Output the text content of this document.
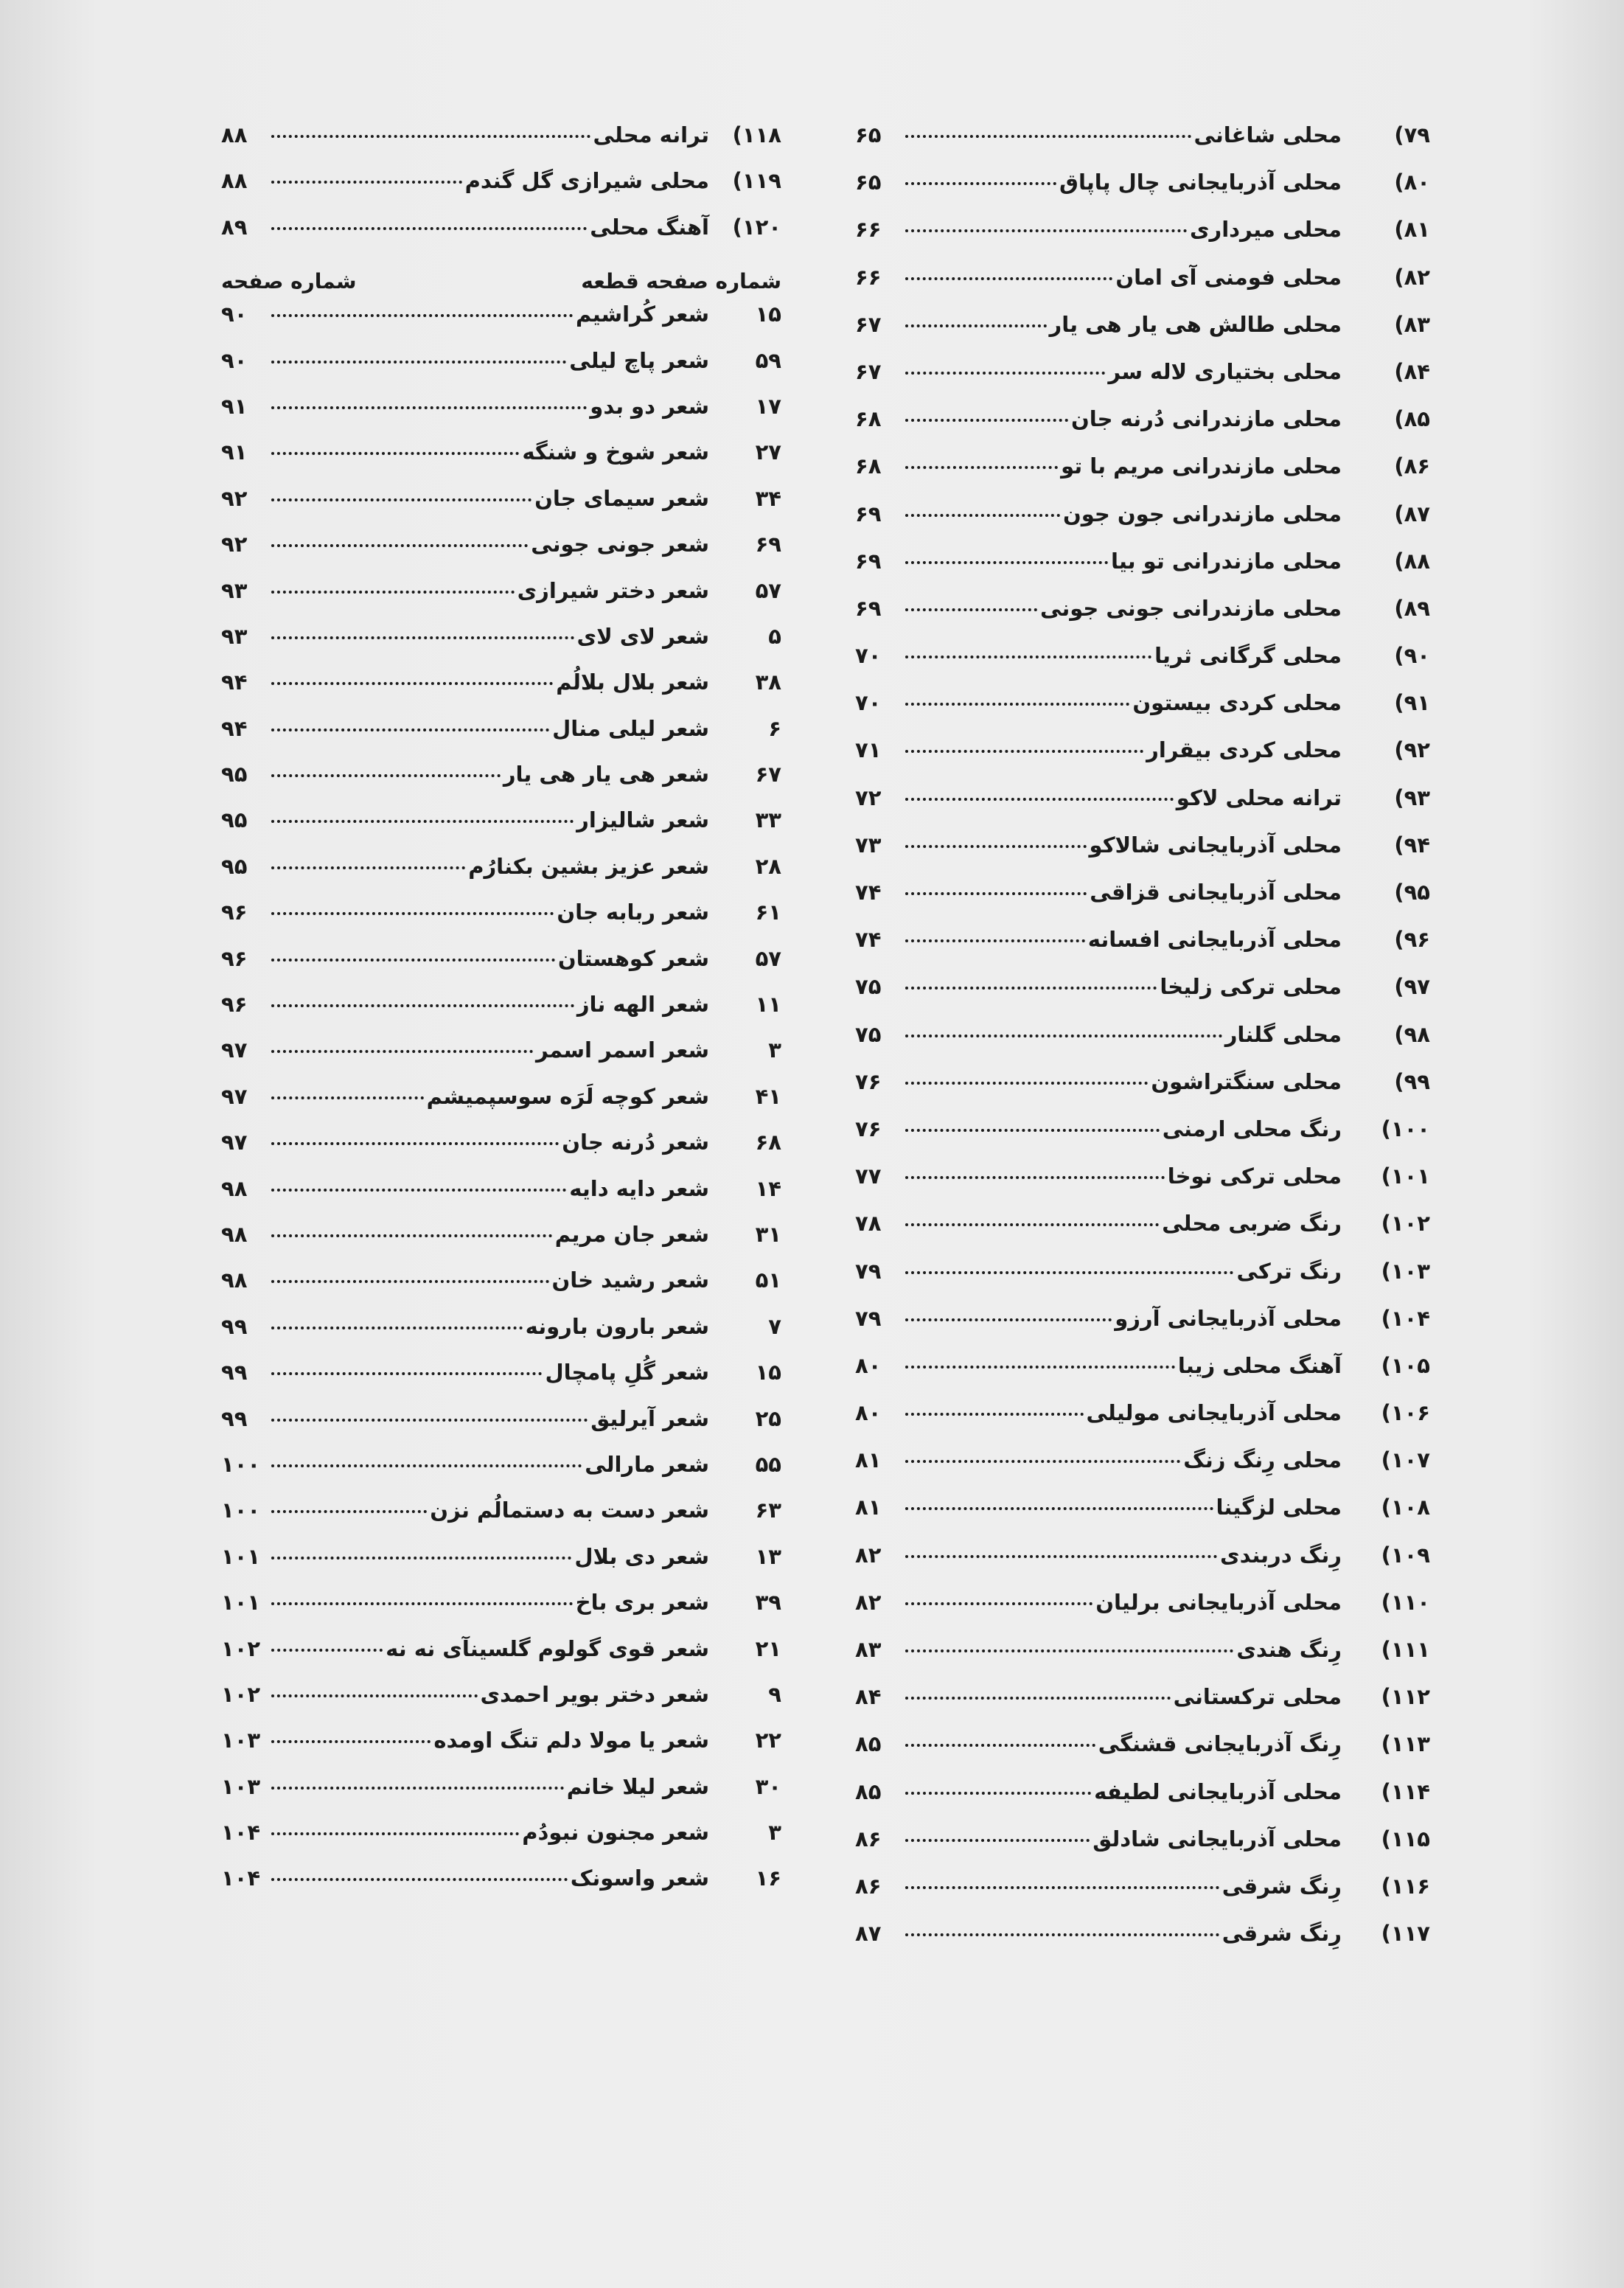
(۷۹
محلی شاغانی
۶۵
(۸۰
محلی آذربایجانی چال پاپاق
۶۵
(۸۱
محلی میرداری
۶۶
(۸۲
محلی فومنی آی امان
۶۶
(۸۳
محلی طالش هی یار هی یار
۶۷
(۸۴
محلی بختیاری لاله سر
۶۷
(۸۵
محلی مازندرانی دُرنه جان
۶۸
(۸۶
محلی مازندرانی مریم با تو
۶۸
(۸۷
محلی مازندرانی جون جون
۶۹
(۸۸
محلی مازندرانی تو بیا
۶۹
(۸۹
محلی مازندرانی جونی جونی
۶۹
(۹۰
محلی گرگانی ثریا
۷۰
(۹۱
محلی کردی بیستون
۷۰
(۹۲
محلی کردی بیقرار
۷۱
(۹۳
ترانه محلی لاکو
۷۲
(۹۴
محلی آذربایجانی شالاکو
۷۳
(۹۵
محلی آذربایجانی قزاقی
۷۴
(۹۶
محلی آذربایجانی افسانه
۷۴
(۹۷
محلی ترکی زلیخا
۷۵
(۹۸
محلی گلنار
۷۵
(۹۹
محلی سنگتراشون
۷۶
(۱۰۰
رنگ محلی ارمنی
۷۶
(۱۰۱
محلی ترکی نوخا
۷۷
(۱۰۲
رنگ ضربی محلی
۷۸
(۱۰۳
رنگ ترکی
۷۹
(۱۰۴
محلی آذربایجانی آرزو
۷۹
(۱۰۵
آهنگ محلی زیبا
۸۰
(۱۰۶
محلی آذربایجانی مولیلی
۸۰
(۱۰۷
محلی رِنگ زنگ
۸۱
(۱۰۸
محلی لزگینا
۸۱
(۱۰۹
رِنگ دربندی
۸۲
(۱۱۰
محلی آذربایجانی برلیان
۸۲
(۱۱۱
رِنگ هندی
۸۳
(۱۱۲
محلی ترکستانی
۸۴
(۱۱۳
رِنگ آذربایجانی قشنگی
۸۵
(۱۱۴
محلی آذربایجانی لطیفه
۸۵
(۱۱۵
محلی آذربایجانی شادلق
۸۶
(۱۱۶
رِنگ شرقی
۸۶
(۱۱۷
رِنگ شرقی
۸۷
(۱۱۸
ترانه محلی
۸۸
(۱۱۹
محلی شیرازی گل گندم
۸۸
(۱۲۰
آهنگ محلی
۸۹
شماره صفحه قطعه
شماره صفحه
۱۵
شعر کُراشیم
۹۰
۵۹
شعر پاچ لیلی
۹۰
۱۷
شعر دو بدو
۹۱
۲۷
شعر شوخ و شنگه
۹۱
۳۴
شعر سیمای جان
۹۲
۶۹
شعر جونی جونی
۹۲
۵۷
شعر دختر شیرازی
۹۳
۵
شعر لای لای
۹۳
۳۸
شعر بلال بلالُم
۹۴
۶
شعر لیلی منال
۹۴
۶۷
شعر هی یار هی یار
۹۵
۳۳
شعر شالیزار
۹۵
۲۸
شعر عزیز بشین بکنارُم
۹۵
۶۱
شعر ربابه جان
۹۶
۵۷
شعر کوهستان
۹۶
۱۱
شعر الهه ناز
۹۶
۳
شعر اسمر اسمر
۹۷
۴۱
شعر کوچه لَرَه سوسپمیشم
۹۷
۶۸
شعر دُرنه جان
۹۷
۱۴
شعر دایه دایه
۹۸
۳۱
شعر جان مریم
۹۸
۵۱
شعر رشید خان
۹۸
۷
شعر بارون بارونه
۹۹
۱۵
شعر گُلِ پامچال
۹۹
۲۵
شعر آیرلیق
۹۹
۵۵
شعر مارالی
۱۰۰
۶۳
شعر دست به دستمالُم نزن
۱۰۰
۱۳
شعر دی بلال
۱۰۱
۳۹
شعر بری باخ
۱۰۱
۲۱
شعر قوی گولوم گلسینآی نه نه
۱۰۲
۹
شعر دختر بویر احمدی
۱۰۲
۲۲
شعر یا مولا دلم تنگ اومده
۱۰۳
۳۰
شعر لیلا خانم
۱۰۳
۳
شعر مجنون نبودُم
۱۰۴
۱۶
شعر واسونک
۱۰۴
